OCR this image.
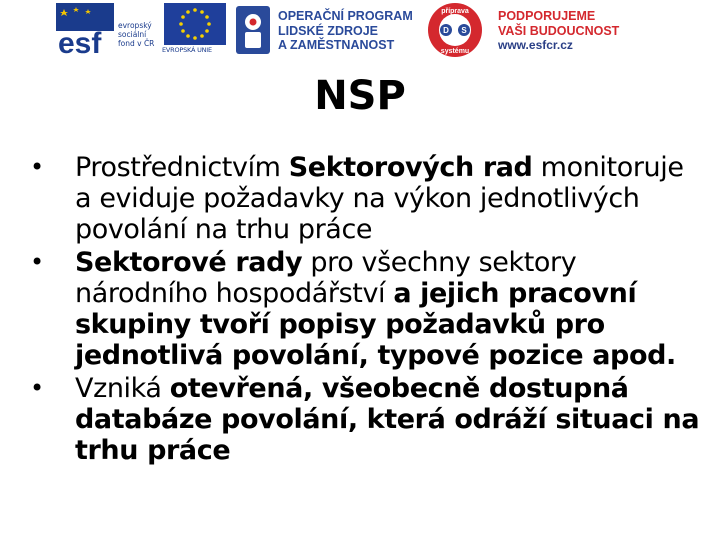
esf
evropský
sociální
fond v ČR
EVROPSKÁ UNIE
OPERAČNÍ PROGRAM
LIDSKÉ ZDROJE
A ZAMĚSTNANOST
příprava
systému
D S
PODPORUJEME
VAŠI BUDOUCNOST
www.esfcr.cz
NSP
• Prostřednictvím Sektorových rad monitoruje a eviduje požadavky na výkon jednotlivých povolání na trhu práce
• Sektorové rady pro všechny sektory národního hospodářství a jejich pracovní skupiny tvoří popisy požadavků pro jednotlivá povolání, typové pozice apod.
• Vzniká otevřená, všeobecně dostupná databáze povolání, která odráží situaci na trhu práce
